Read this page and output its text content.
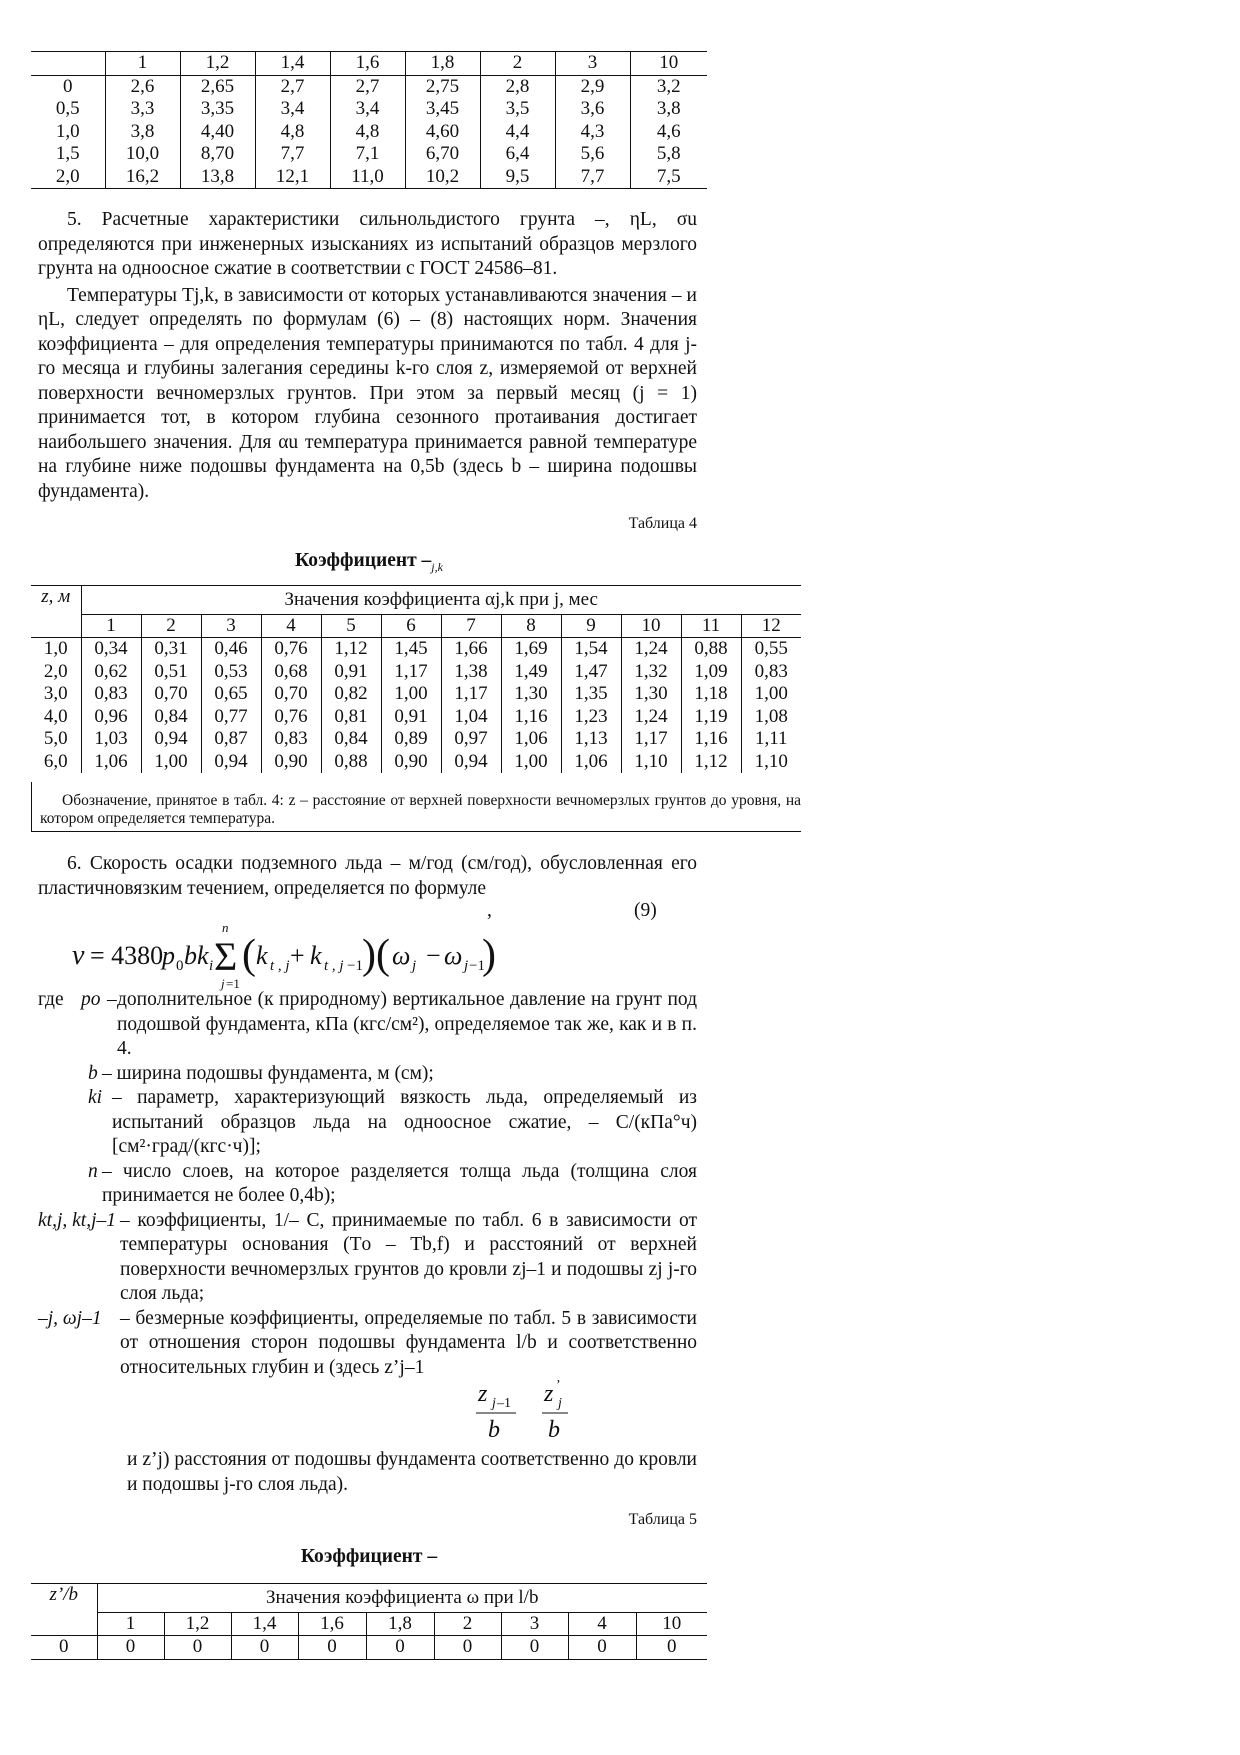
	1	1,2	1,4	1,6	1,8	2	3	10
0	2,6	2,65	2,7	2,7	2,75	2,8	2,9	3,2
0,5	3,3	3,35	3,4	3,4	3,45	3,5	3,6	3,8
1,0	3,8	4,40	4,8	4,8	4,60	4,4	4,3	4,6
1,5	10,0	8,70	7,7	7,1	6,70	6,4	5,6	5,8
2,0	16,2	13,8	12,1	11,0	10,2	9,5	7,7	7,5

5. Расчетные характеристики сильнольдистого грунта –, ηL, σu определяются при инженерных изысканиях из испытаний образцов мерзлого грунта на одноосное сжатие в соответствии с ГОСТ 24586–81.

Температуры Tj,k, в зависимости от которых устанавливаются значения – и ηL, следует определять по формулам (6) – (8) настоящих норм. Значения коэффициента – для определения температуры принимаются по табл. 4 для j-го месяца и глубины залегания середины k-го слоя z, измеряемой от верхней поверхности вечномерзлых грунтов. При этом за первый месяц (j = 1) принимается тот, в котором глубина сезонного протаивания достигает наибольшего значения. Для αu температура принимается равной температуре на глубине ниже подошвы фундамента на 0,5b (здесь b – ширина подошвы фундамента).

Таблица 4
Коэффициент $-_{j,k}$
z, м	Значения коэффициента αj,k при j, мес											
	1	2	3	4	5	6	7	8	9	10	11	12
1,0	0,34	0,31	0,46	0,76	1,12	1,45	1,66	1,69	1,54	1,24	0,88	0,55
2,0	0,62	0,51	0,53	0,68	0,91	1,17	1,38	1,49	1,47	1,32	1,09	0,83
3,0	0,83	0,70	0,65	0,70	0,82	1,00	1,17	1,30	1,35	1,30	1,18	1,00
4,0	0,96	0,84	0,77	0,76	0,81	0,91	1,04	1,16	1,23	1,24	1,19	1,08
5,0	1,03	0,94	0,87	0,83	0,84	0,89	0,97	1,06	1,13	1,17	1,16	1,11
6,0	1,06	1,00	0,94	0,90	0,88	0,90	0,94	1,00	1,06	1,10	1,12	1,10
Обозначение, принятое в табл. 4: z – расстояние от верхней поверхности вечномерзлых грунтов до уровня, на котором определяется температура.

6. Скорость осадки подземного льда – м/год (см/год), обусловленная его пластичновязким течением, определяется по формуле

,	(9)
ν = 4380
p 0 bk i
n
Σ
j =1
( k t , j + k t , j −1 )( ω j − ω j −1
)
где pо – дополнительное (к природному) вертикальное давление на грунт под подошвой фундамента, кПа (кгс/см²), определяемое так же, как и в п. 4.
b – ширина подошвы фундамента, м (см);
ki – параметр, характеризующий вязкость льда, определяемый из испытаний образцов льда на одноосное сжатие, – С/(кПа°ч) [см²·град/(кгс·ч)];
n – число слоев, на которое разделяется толща льда (толщина слоя принимается не более 0,4b);
kt,j, kt,j–1 – коэффициенты, 1/– С, принимаемые по табл. 6 в зависимости от температуры основания (Tо – Tb,f) и расстояний от верхней поверхности вечномерзлых грунтов до кровли zj–1 и подошвы zj j-го слоя льда;
–j, ωj–1 – безмерные коэффициенты, определяемые по табл. 5 в зависимости от отношения сторон подошвы фундамента l/b и соответственно относительных глубин и (здесь z’j–1
z j –1
b
z ’
j
b
и z’j) расстояния от подошвы фундамента соответственно до кровли и подошвы j-го слоя льда).
Таблица 5
Коэффициент –
z’/b	Значения коэффициента ω при l/b								
	1	1,2	1,4	1,6	1,8	2	3	4	10
0	0	0	0	0	0	0	0	0	0
